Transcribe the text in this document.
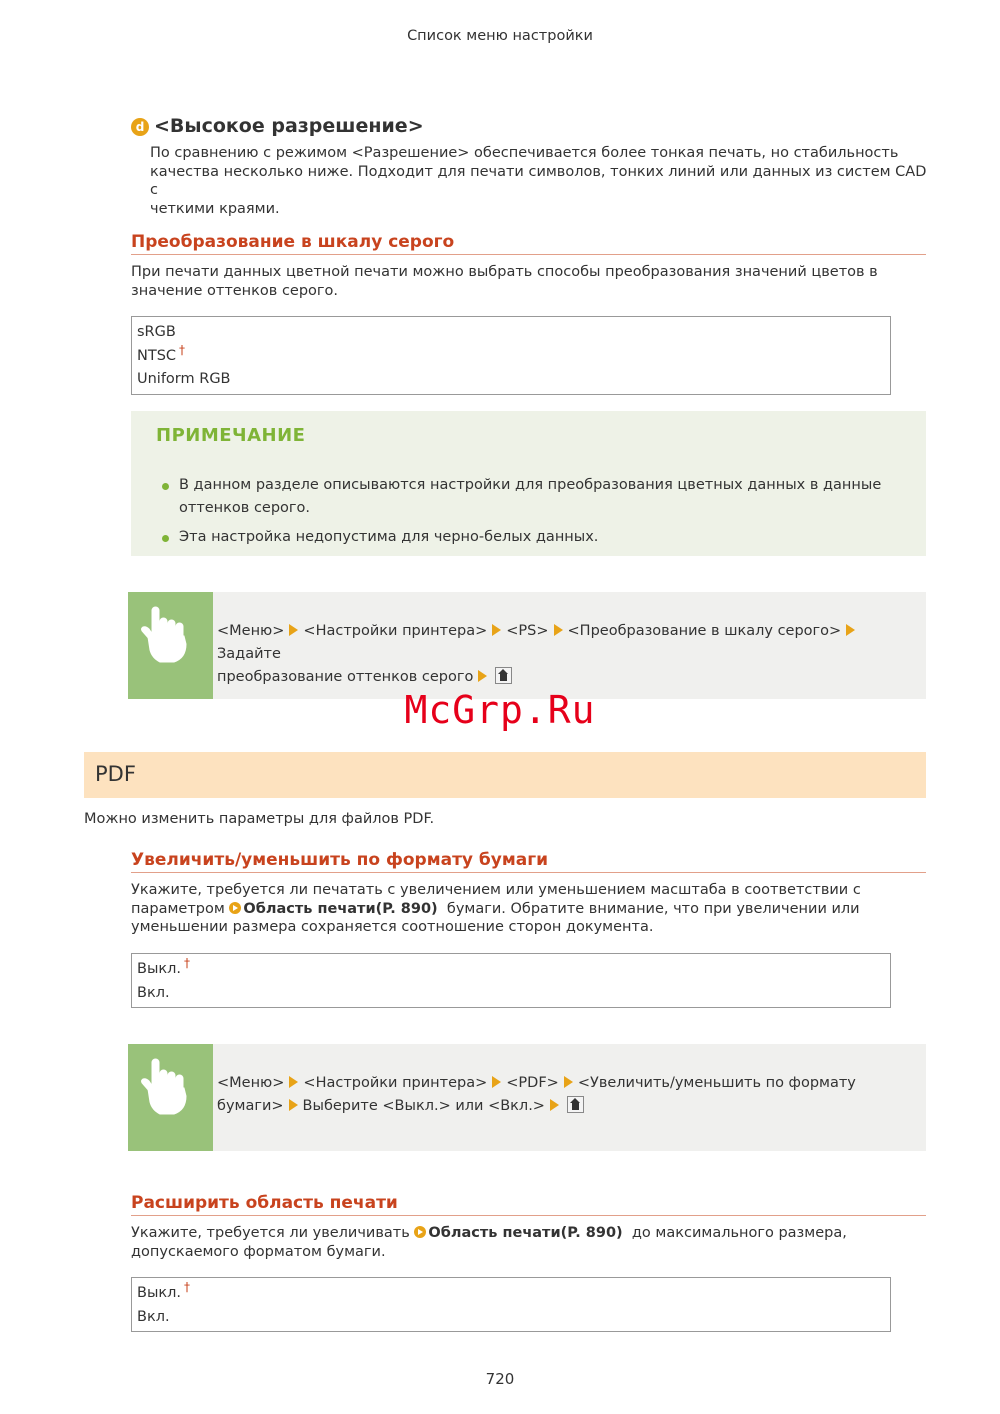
Список меню настройки
d <Высокое разрешение>
По сравнению с режимом <Разрешение> обеспечивается более тонкая печать, но стабильность
качества несколько ниже. Подходит для печати символов, тонких линий или данных из систем CAD с
четкими краями.
Преобразование в шкалу серого
При печати данных цветной печати можно выбрать способы преобразования значений цветов в
значение оттенков серого.
sRGB
NTSC †
Uniform RGB
ПРИМЕЧАНИЕ
В данном разделе описываются настройки для преобразования цветных данных в данные оттенков серого.
Эта настройка недопустима для черно-белых данных.
<Меню> <Настройки принтера> <PS> <Преобразование в шкалу серого>Задайте
преобразование оттенков серого
McGrp.Ru
PDF
Можно изменить параметры для файлов PDF.
Увеличить/уменьшить по формату бумаги
Укажите, требуется ли печатать с увеличением или уменьшением масштаба в соответствии с
параметром Область печати(P. 890)  бумаги. Обратите внимание, что при увеличении или
уменьшении размера сохраняется соотношение сторон документа.
Выкл. †
Вкл.
<Меню> <Настройки принтера> <PDF> <Увеличить/уменьшить по формату
бумаги> Выберите <Выкл.> или <Вкл.>
Расширить область печати
Укажите, требуется ли увеличивать Область печати(P. 890)  до максимального размера,
допускаемого форматом бумаги.
Выкл. †
Вкл.
720
